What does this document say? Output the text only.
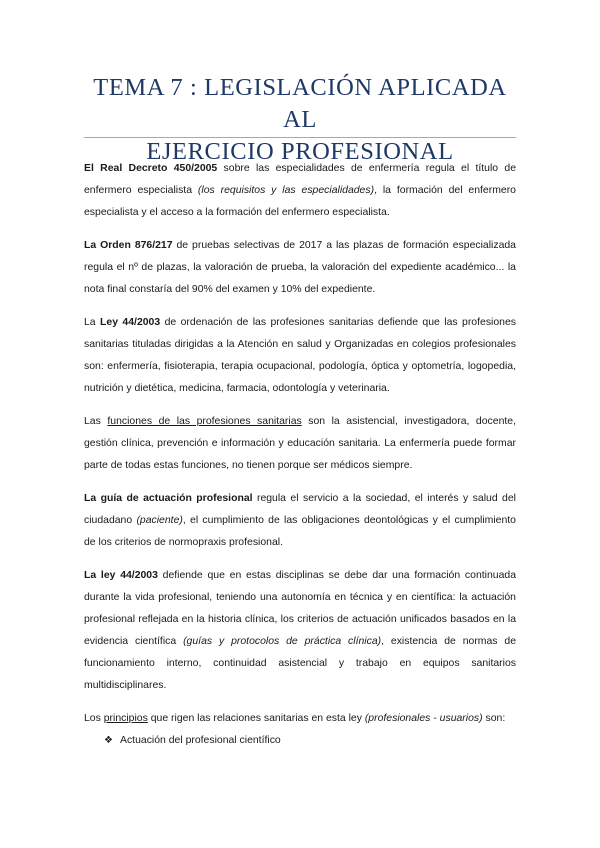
TEMA 7 : LEGISLACIÓN APLICADA AL
EJERCICIO PROFESIONAL

El Real Decreto 450/2005 sobre las especialidades de enfermería regula el título de enfermero especialista (los requisitos y las especialidades), la formación del enfermero especialista y el acceso a la formación del enfermero especialista.

La Orden 876/217 de pruebas selectivas de 2017 a las plazas de formación especializada regula el nº de plazas, la valoración de prueba, la valoración del expediente académico... la nota final constaría del 90% del examen y 10% del expediente.

La Ley 44/2003 de ordenación de las profesiones sanitarias defiende que las profesiones sanitarias tituladas dirigidas a la Atención en salud y Organizadas en colegios profesionales son: enfermería, fisioterapia, terapia ocupacional, podología, óptica y optometría, logopedia, nutrición y dietética, medicina, farmacia, odontología y veterinaria.

Las funciones de las profesiones sanitarias son la asistencial, investigadora, docente, gestión clínica, prevención e información y educación sanitaria. La enfermería puede formar parte de todas estas funciones, no tienen porque ser médicos siempre.

La guía de actuación profesional regula el servicio a la sociedad, el interés y salud del ciudadano (paciente), el cumplimiento de las obligaciones deontológicas y el cumplimiento de los criterios de normopraxis profesional.

La ley 44/2003 defiende que en estas disciplinas se debe dar una formación continuada durante la vida profesional, teniendo una autonomía en técnica y en científica: la actuación profesional reflejada en la historia clínica, los criterios de actuación unificados basados en la evidencia científica (guías y protocolos de práctica clínica), existencia de normas de funcionamiento interno, continuidad asistencial y trabajo en equipos sanitarios multidisciplinares.

Los principios que rigen las relaciones sanitarias en esta ley (profesionales - usuarios) son:

❖ Actuación del profesional científico
